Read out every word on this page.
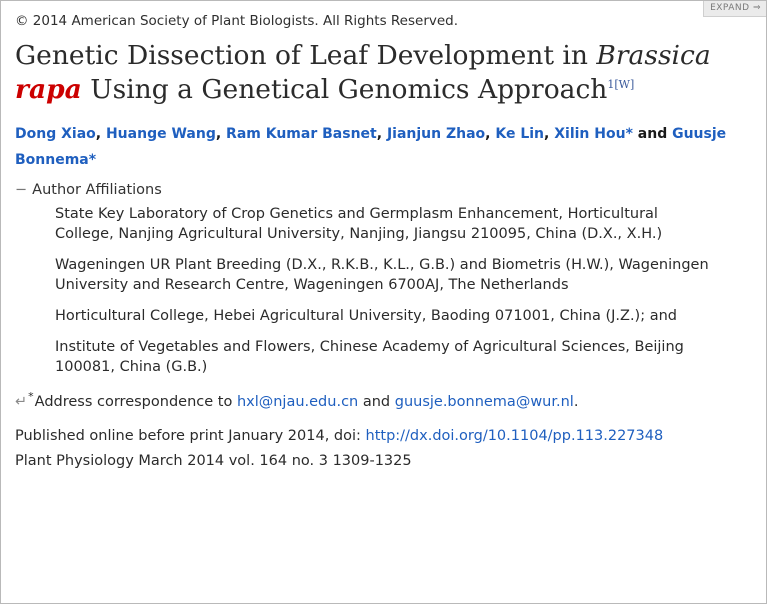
EXPAND ⇒
© 2014 American Society of Plant Biologists. All Rights Reserved.
Genetic Dissection of Leaf Development in Brassica rapa Using a Genetical Genomics Approach$^{1[W]}$
Dong Xiao, Huange Wang, Ram Kumar Basnet, Jianjun Zhao, Ke Lin, Xilin Hou* and Guusje Bonnema*
− Author Affiliations
State Key Laboratory of Crop Genetics and Germplasm Enhancement, Horticultural College, Nanjing Agricultural University, Nanjing, Jiangsu 210095, China (D.X., X.H.)
Wageningen UR Plant Breeding (D.X., R.K.B., K.L., G.B.) and Biometris (H.W.), Wageningen University and Research Centre, Wageningen 6700AJ, The Netherlands
Horticultural College, Hebei Agricultural University, Baoding 071001, China (J.Z.); and
Institute of Vegetables and Flowers, Chinese Academy of Agricultural Sciences, Beijing 100081, China (G.B.)
↵*Address correspondence to hxl@njau.edu.cn and guusje.bonnema@wur.nl.
Published online before print January 2014, doi: http://dx.doi.org/10.1104/pp.113.227348
Plant Physiology March 2014 vol. 164 no. 3 1309-1325
